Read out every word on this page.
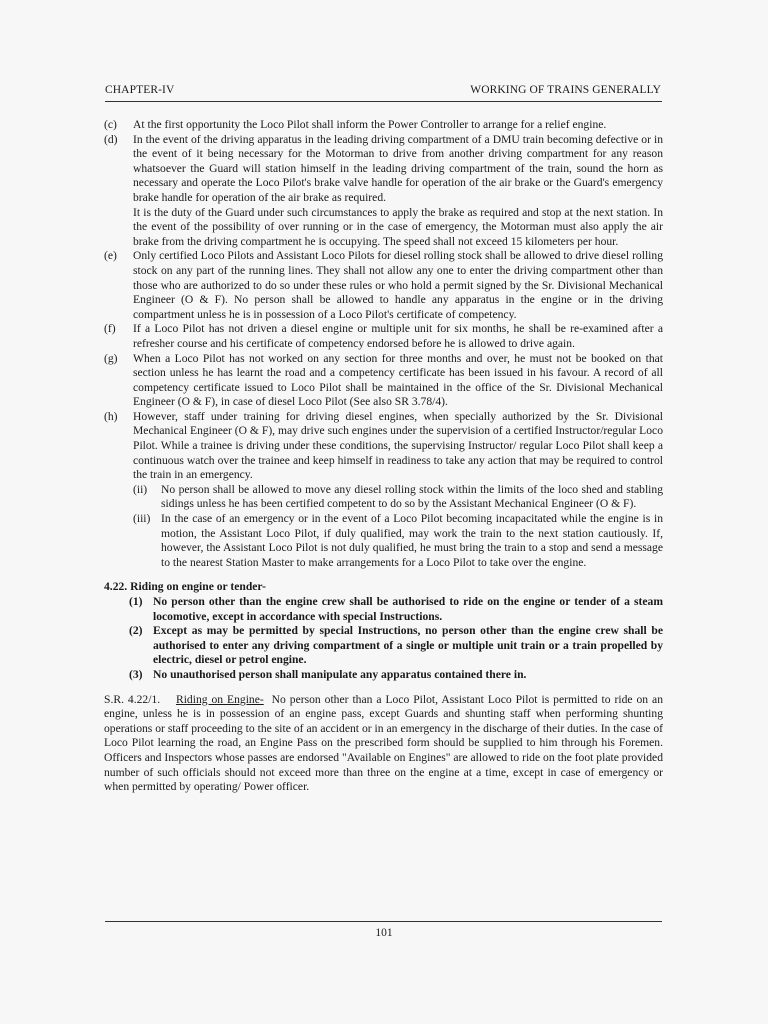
CHAPTER-IV	WORKING OF TRAINS GENERALLY
(c)	At the first opportunity the Loco Pilot shall inform the Power Controller to arrange for a relief engine.

(d)	In the event of the driving apparatus in the leading driving compartment of a DMU train becoming defective or in the event of it being necessary for the Motorman to drive from another driving compartment for any reason whatsoever the Guard will station himself in the leading driving compartment of the train, sound the horn as necessary and operate the Loco Pilot's brake valve handle for operation of the air brake or the Guard's emergency brake handle for operation of the air brake as required.

It is the duty of the Guard under such circumstances to apply the brake as required and stop at the next station. In the event of the possibility of over running or in the case of emergency, the Motorman must also apply the air brake from the driving compartment he is occupying. The speed shall not exceed 15 kilometers per hour.

(e)	Only certified Loco Pilots and Assistant Loco Pilots for diesel rolling stock shall be allowed to drive diesel rolling stock on any part of the running lines. They shall not allow any one to enter the driving compartment other than those who are authorized to do so under these rules or who hold a permit signed by the Sr. Divisional Mechanical Engineer (O & F). No person shall be allowed to handle any apparatus in the engine or in the driving compartment unless he is in possession of a Loco Pilot's certificate of competency.

(f)	If a Loco Pilot has not driven a diesel engine or multiple unit for six months, he shall be re-examined after a refresher course and his certificate of competency endorsed before he is allowed to drive again.

(g)	When a Loco Pilot has not worked on any section for three months and over, he must not be booked on that section unless he has learnt the road and a competency certificate has been issued in his favour. A record of all competency certificate issued to Loco Pilot shall be maintained in the office of the Sr. Divisional Mechanical Engineer (O & F), in case of diesel Loco Pilot (See also SR 3.78/4).

(h)	However, staff under training for driving diesel engines, when specially authorized by the Sr. Divisional Mechanical Engineer (O & F), may drive such engines under the supervision of a certified Instructor/regular Loco Pilot. While a trainee is driving under these conditions, the supervising Instructor/ regular Loco Pilot shall keep a continuous watch over the trainee and keep himself in readiness to take any action that may be required to control the train in an emergency.

(ii)	No person shall be allowed to move any diesel rolling stock within the limits of the loco shed and stabling sidings unless he has been certified competent to do so by the Assistant Mechanical Engineer (O & F).
(iii) In the case of an emergency or in the event of a Loco Pilot becoming incapacitated while the engine is in motion, the Assistant Loco Pilot, if duly qualified, may work the train to the next station cautiously. If, however, the Assistant Loco Pilot is not duly qualified, he must bring the train to a stop and send a message to the nearest Station Master to make arrangements for a Loco Pilot to take over the engine.

4.22. Riding on engine or tender-

(1) No person other than the engine crew shall be authorised to ride on the engine or tender of a steam locomotive, except in accordance with special Instructions.
(2) Except as may be permitted by special Instructions, no person other than the engine crew shall be authorised to enter any driving compartment of a single or multiple unit train or a train propelled by electric, diesel or petrol engine.
(3) No unauthorised person shall manipulate any apparatus contained there in.

S.R. 4.22/1. Riding on Engine- No person other than a Loco Pilot, Assistant Loco Pilot is permitted to ride on an engine, unless he is in possession of an engine pass, except Guards and shunting staff when performing shunting operations or staff proceeding to the site of an accident or in an emergency in the discharge of their duties. In the case of Loco Pilot learning the road, an Engine Pass on the prescribed form should be supplied to him through his Foremen. Officers and Inspectors whose passes are endorsed "Available on Engines" are allowed to ride on the foot plate provided number of such officials should not exceed more than three on the engine at a time, except in case of emergency or when permitted by operating/ Power officer.

101
